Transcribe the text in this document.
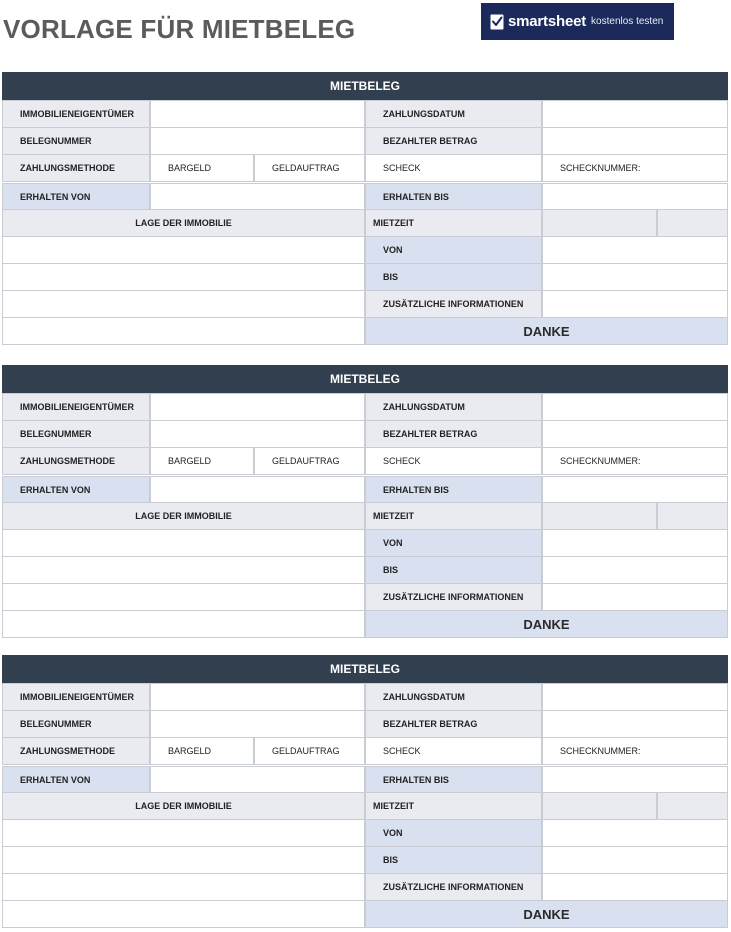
VORLAGE FÜR MIETBELEG	smartsheet kostenlos testen
MIETBELEG
IMMOBILIENEIGENTÜMER	ZAHLUNGSDATUM
BELEGNUMMER	BEZAHLTER BETRAG
ZAHLUNGSMETHODE	BARGELD	GELDAUFTRAG	SCHECK	SCHECKNUMMER:
ERHALTEN VON	ERHALTEN BIS
LAGE DER IMMOBILIE	MIETZEIT
VON
BIS
ZUSÄTZLICHE INFORMATIONEN
DANKE
MIETBELEG
IMMOBILIENEIGENTÜMER	ZAHLUNGSDATUM
BELEGNUMMER	BEZAHLTER BETRAG
ZAHLUNGSMETHODE	BARGELD	GELDAUFTRAG	SCHECK	SCHECKNUMMER:
ERHALTEN VON	ERHALTEN BIS
LAGE DER IMMOBILIE	MIETZEIT
VON
BIS
ZUSÄTZLICHE INFORMATIONEN
DANKE
MIETBELEG
IMMOBILIENEIGENTÜMER	ZAHLUNGSDATUM
BELEGNUMMER	BEZAHLTER BETRAG
ZAHLUNGSMETHODE	BARGELD	GELDAUFTRAG	SCHECK	SCHECKNUMMER:
ERHALTEN VON	ERHALTEN BIS
LAGE DER IMMOBILIE	MIETZEIT
VON
BIS
ZUSÄTZLICHE INFORMATIONEN
DANKE
